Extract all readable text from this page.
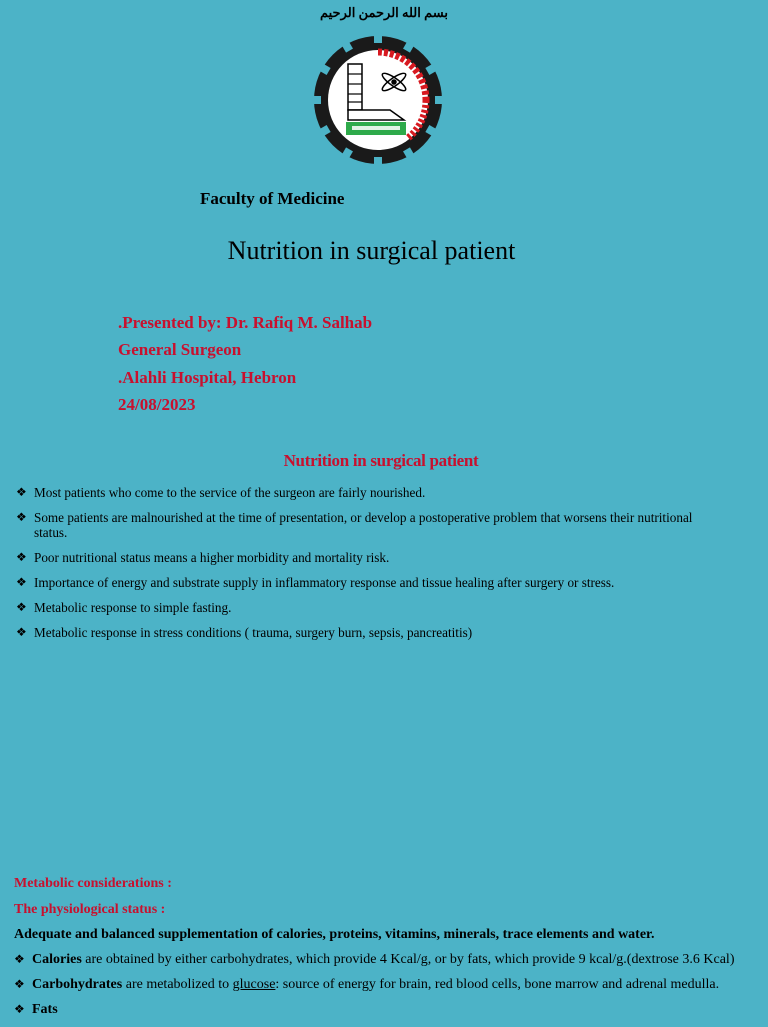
بسم الله الرحمن الرحيم
Faculty of Medicine
Nutrition in surgical patient
.Presented by: Dr. Rafiq M. Salhab
General Surgeon
.Alahli Hospital, Hebron
24/08/2023
Nutrition in surgical patient
❖ Most patients who come to the service of the surgeon are fairly nourished.
❖ Some patients are malnourished at the time of presentation, or develop a postoperative problem that worsens their nutritional status.
❖ Poor nutritional status means a higher morbidity and mortality risk.
❖ Importance of energy and substrate supply in inflammatory response and tissue healing after surgery or stress.
❖ Metabolic response to simple fasting.
❖ Metabolic response in stress conditions ( trauma, surgery burn, sepsis, pancreatitis)
Metabolic considerations :
The physiological status :
Adequate and balanced supplementation of calories, proteins, vitamins, minerals, trace elements and water.
❖ Calories are obtained by either carbohydrates, which provide 4 Kcal/g, or by fats, which provide 9 kcal/g.(dextrose 3.6 Kcal)
❖ Carbohydrates are metabolized to glucose: source of energy for brain, red blood cells, bone marrow and adrenal medulla.
❖ Fats
